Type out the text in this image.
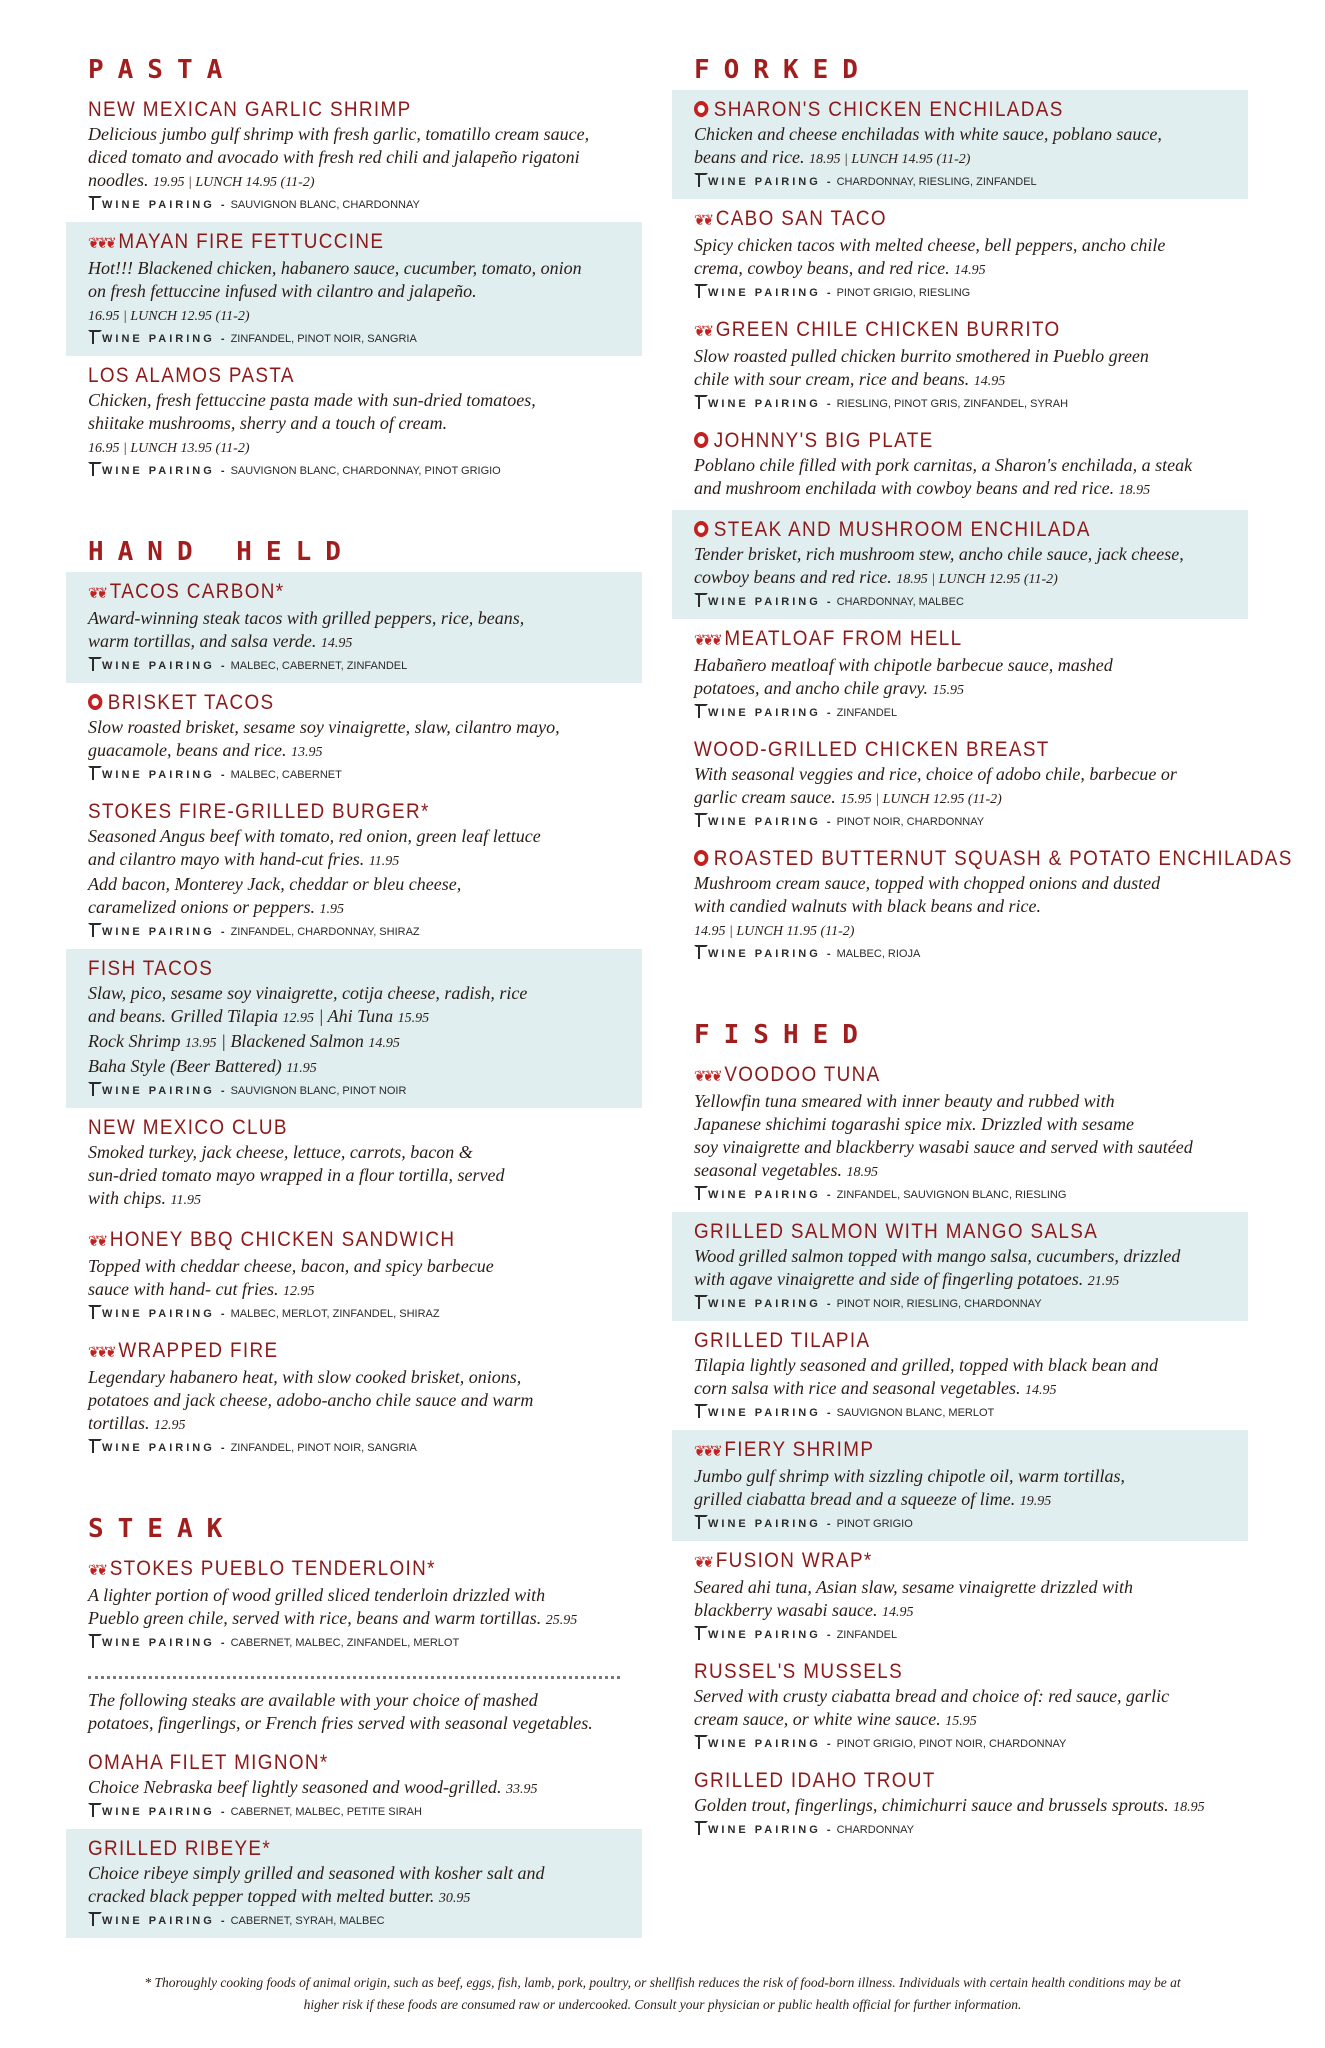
PASTA
NEW MEXICAN GARLIC SHRIMP
Delicious jumbo gulf shrimp with fresh garlic, tomatillo cream sauce,
diced tomato and avocado with fresh red chili and jalapeño rigatoni
noodles. 19.95 | LUNCH 14.95 (11-2)
WINE PAIRING - SAUVIGNON BLANC, CHARDONNAY
❦❦❦ MAYAN FIRE FETTUCCINE
Hot!!! Blackened chicken, habanero sauce, cucumber, tomato, onion
on fresh fettuccine infused with cilantro and jalapeño.
16.95 | LUNCH 12.95 (11-2)
WINE PAIRING - ZINFANDEL, PINOT NOIR, SANGRIA
LOS ALAMOS PASTA
Chicken, fresh fettuccine pasta made with sun-dried tomatoes,
shiitake mushrooms, sherry and a touch of cream.
16.95 | LUNCH 13.95 (11-2)
WINE PAIRING - SAUVIGNON BLANC, CHARDONNAY, PINOT GRIGIO
HAND HELD
❦❦ TACOS CARBON*
Award-winning steak tacos with grilled peppers, rice, beans,
warm tortillas, and salsa verde. 14.95
WINE PAIRING - MALBEC, CABERNET, ZINFANDEL
BRISKET TACOS
Slow roasted brisket, sesame soy vinaigrette, slaw, cilantro mayo,
guacamole, beans and rice. 13.95
WINE PAIRING - MALBEC, CABERNET
STOKES FIRE-GRILLED BURGER*
Seasoned Angus beef with tomato, red onion, green leaf lettuce
and cilantro mayo with hand-cut fries. 11.95
Add bacon, Monterey Jack, cheddar or bleu cheese,
caramelized onions or peppers. 1.95
WINE PAIRING - ZINFANDEL, CHARDONNAY, SHIRAZ
FISH TACOS
Slaw, pico, sesame soy vinaigrette, cotija cheese, radish, rice
and beans. Grilled Tilapia 12.95 | Ahi Tuna 15.95
Rock Shrimp 13.95 | Blackened Salmon 14.95
Baha Style (Beer Battered) 11.95
WINE PAIRING - SAUVIGNON BLANC, PINOT NOIR
NEW MEXICO CLUB
Smoked turkey, jack cheese, lettuce, carrots, bacon &
sun-dried tomato mayo wrapped in a flour tortilla, served
with chips. 11.95
❦❦ HONEY BBQ CHICKEN SANDWICH
Topped with cheddar cheese, bacon, and spicy barbecue
sauce with hand- cut fries. 12.95
WINE PAIRING - MALBEC, MERLOT, ZINFANDEL, SHIRAZ
❦❦❦ WRAPPED FIRE
Legendary habanero heat, with slow cooked brisket, onions,
potatoes and jack cheese, adobo-ancho chile sauce and warm
tortillas. 12.95
WINE PAIRING - ZINFANDEL, PINOT NOIR, SANGRIA
STEAK
❦❦ STOKES PUEBLO TENDERLOIN*
A lighter portion of wood grilled sliced tenderloin drizzled with
Pueblo green chile, served with rice, beans and warm tortillas. 25.95
WINE PAIRING - CABERNET, MALBEC, ZINFANDEL, MERLOT
The following steaks are available with your choice of mashed
potatoes, fingerlings, or French fries served with seasonal vegetables.
OMAHA FILET MIGNON*
Choice Nebraska beef lightly seasoned and wood-grilled. 33.95
WINE PAIRING - CABERNET, MALBEC, PETITE SIRAH
GRILLED RIBEYE*
Choice ribeye simply grilled and seasoned with kosher salt and
cracked black pepper topped with melted butter. 30.95
WINE PAIRING - CABERNET, SYRAH, MALBEC
FORKED
SHARON'S CHICKEN ENCHILADAS
Chicken and cheese enchiladas with white sauce, poblano sauce,
beans and rice. 18.95 | LUNCH 14.95 (11-2)
WINE PAIRING - CHARDONNAY, RIESLING, ZINFANDEL
❦❦ CABO SAN TACO
Spicy chicken tacos with melted cheese, bell peppers, ancho chile
crema, cowboy beans, and red rice. 14.95
WINE PAIRING - PINOT GRIGIO, RIESLING
❦❦ GREEN CHILE CHICKEN BURRITO
Slow roasted pulled chicken burrito smothered in Pueblo green
chile with sour cream, rice and beans. 14.95
WINE PAIRING - RIESLING, PINOT GRIS, ZINFANDEL, SYRAH
JOHNNY'S BIG PLATE
Poblano chile filled with pork carnitas, a Sharon's enchilada, a steak
and mushroom enchilada with cowboy beans and red rice. 18.95
STEAK AND MUSHROOM ENCHILADA
Tender brisket, rich mushroom stew, ancho chile sauce, jack cheese,
cowboy beans and red rice. 18.95 | LUNCH 12.95 (11-2)
WINE PAIRING - CHARDONNAY, MALBEC
❦❦❦ MEATLOAF FROM HELL
Habañero meatloaf with chipotle barbecue sauce, mashed
potatoes, and ancho chile gravy. 15.95
WINE PAIRING - ZINFANDEL
WOOD-GRILLED CHICKEN BREAST
With seasonal veggies and rice, choice of adobo chile, barbecue or
garlic cream sauce. 15.95 | LUNCH 12.95 (11-2)
WINE PAIRING - PINOT NOIR, CHARDONNAY
ROASTED BUTTERNUT SQUASH & POTATO ENCHILADAS
Mushroom cream sauce, topped with chopped onions and dusted
with candied walnuts with black beans and rice.
14.95 | LUNCH 11.95 (11-2)
WINE PAIRING - MALBEC, RIOJA
FISHED
❦❦❦ VOODOO TUNA
Yellowfin tuna smeared with inner beauty and rubbed with
Japanese shichimi togarashi spice mix. Drizzled with sesame
soy vinaigrette and blackberry wasabi sauce and served with sautéed
seasonal vegetables. 18.95
WINE PAIRING - ZINFANDEL, SAUVIGNON BLANC, RIESLING
GRILLED SALMON WITH MANGO SALSA
Wood grilled salmon topped with mango salsa, cucumbers, drizzled
with agave vinaigrette and side of fingerling potatoes. 21.95
WINE PAIRING - PINOT NOIR, RIESLING, CHARDONNAY
GRILLED TILAPIA
Tilapia lightly seasoned and grilled, topped with black bean and
corn salsa with rice and seasonal vegetables. 14.95
WINE PAIRING - SAUVIGNON BLANC, MERLOT
❦❦❦ FIERY SHRIMP
Jumbo gulf shrimp with sizzling chipotle oil, warm tortillas,
grilled ciabatta bread and a squeeze of lime. 19.95
WINE PAIRING - PINOT GRIGIO
❦❦ FUSION WRAP*
Seared ahi tuna, Asian slaw, sesame vinaigrette drizzled with
blackberry wasabi sauce. 14.95
WINE PAIRING - ZINFANDEL
RUSSEL'S MUSSELS
Served with crusty ciabatta bread and choice of: red sauce, garlic
cream sauce, or white wine sauce. 15.95
WINE PAIRING - PINOT GRIGIO, PINOT NOIR, CHARDONNAY
GRILLED IDAHO TROUT
Golden trout, fingerlings, chimichurri sauce and brussels sprouts. 18.95
WINE PAIRING - CHARDONNAY
* Thoroughly cooking foods of animal origin, such as beef, eggs, fish, lamb, pork, poultry, or shellfish reduces the risk of food-born illness. Individuals with certain health conditions may be at
higher risk if these foods are consumed raw or undercooked. Consult your physician or public health official for further information.
